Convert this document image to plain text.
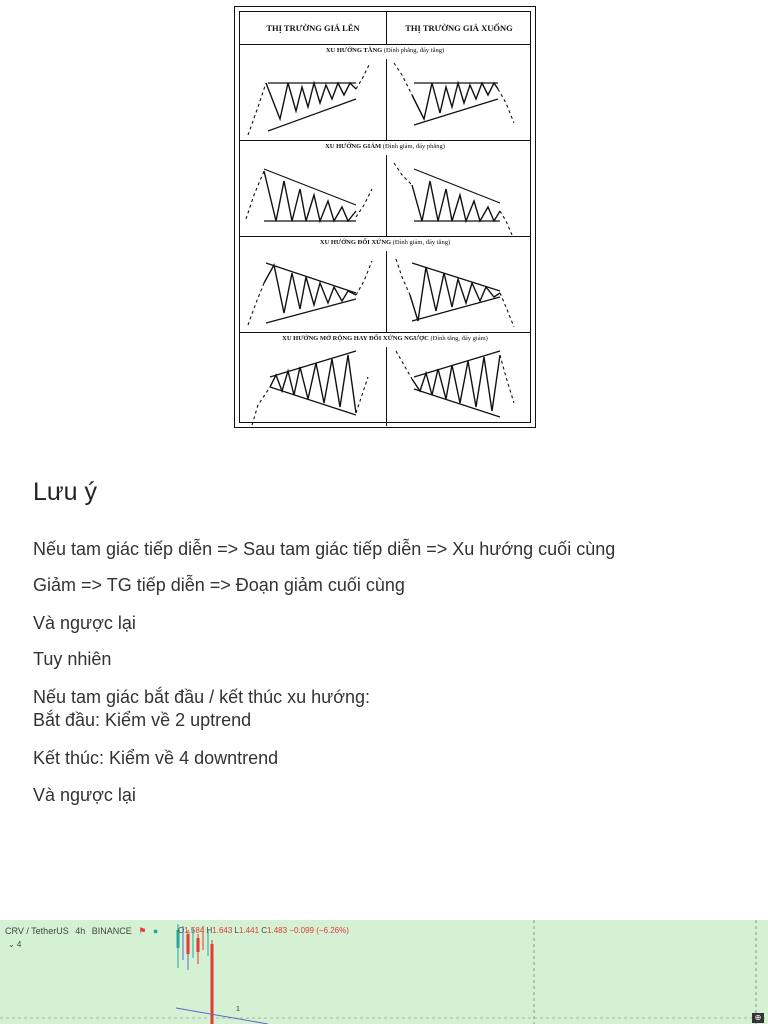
THỊ TRƯỜNG GIÁ LÊN	THỊ TRƯỜNG GIÁ XUỐNG
XU HƯỚNG TĂNG (Đỉnh phẳng, đáy tăng)
XU HƯỚNG GIẢM (Đỉnh giảm, đáy phẳng)
XU HƯỚNG ĐỐI XỨNG (Đỉnh giảm, đáy tăng)
XU HƯỚNG MỞ RỘNG HAY ĐỐI XỨNG NGƯỢC (Đỉnh tăng, đáy giảm)
Lưu ý
Nếu tam giác tiếp diễn => Sau tam giác tiếp diễn => Xu hướng cuối cùng
Giảm => TG tiếp diễn => Đoạn giảm cuối cùng
Và ngược lại
Tuy nhiên
Nếu tam giác bắt đầu / kết thúc xu hướng:
Bắt đầu: Kiểm về 2 uptrend
Kết thúc: Kiểm về 4 downtrend
Và ngược lại
CRV / TetherUS 4h BINANCE ⚑ ●	O1.584 H1.643 L1.441 C1.483 −0.099 (−6.26%)
⌄ 4
1
⊕
